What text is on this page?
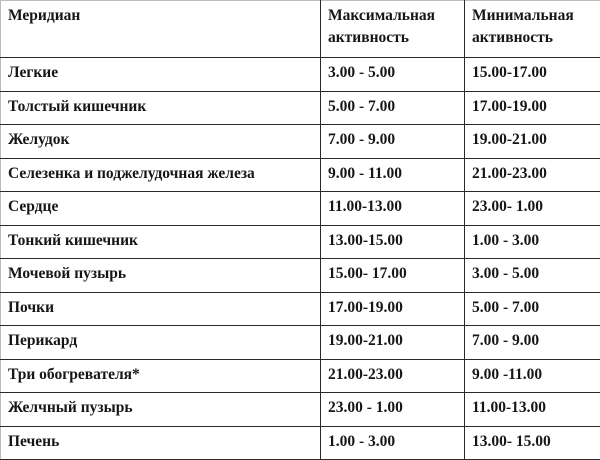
Меридиан	Максимальная активность	Минимальная активность
Легкие	3.00 - 5.00	15.00-17.00
Толстый кишечник	5.00 - 7.00	17.00-19.00
Желудок	7.00 - 9.00	19.00-21.00
Селезенка и поджелудочная железа	9.00 - 11.00	21.00-23.00
Сердце	11.00-13.00	23.00- 1.00
Тонкий кишечник	13.00-15.00	1.00 - 3.00
Мочевой пузырь	15.00- 17.00	3.00 - 5.00
Почки	17.00-19.00	5.00 - 7.00
Перикард	19.00-21.00	7.00 - 9.00
Три обогревателя*	21.00-23.00	9.00 -11.00
Желчный пузырь	23.00 - 1.00	11.00-13.00
Печень	1.00 - 3.00	13.00- 15.00
